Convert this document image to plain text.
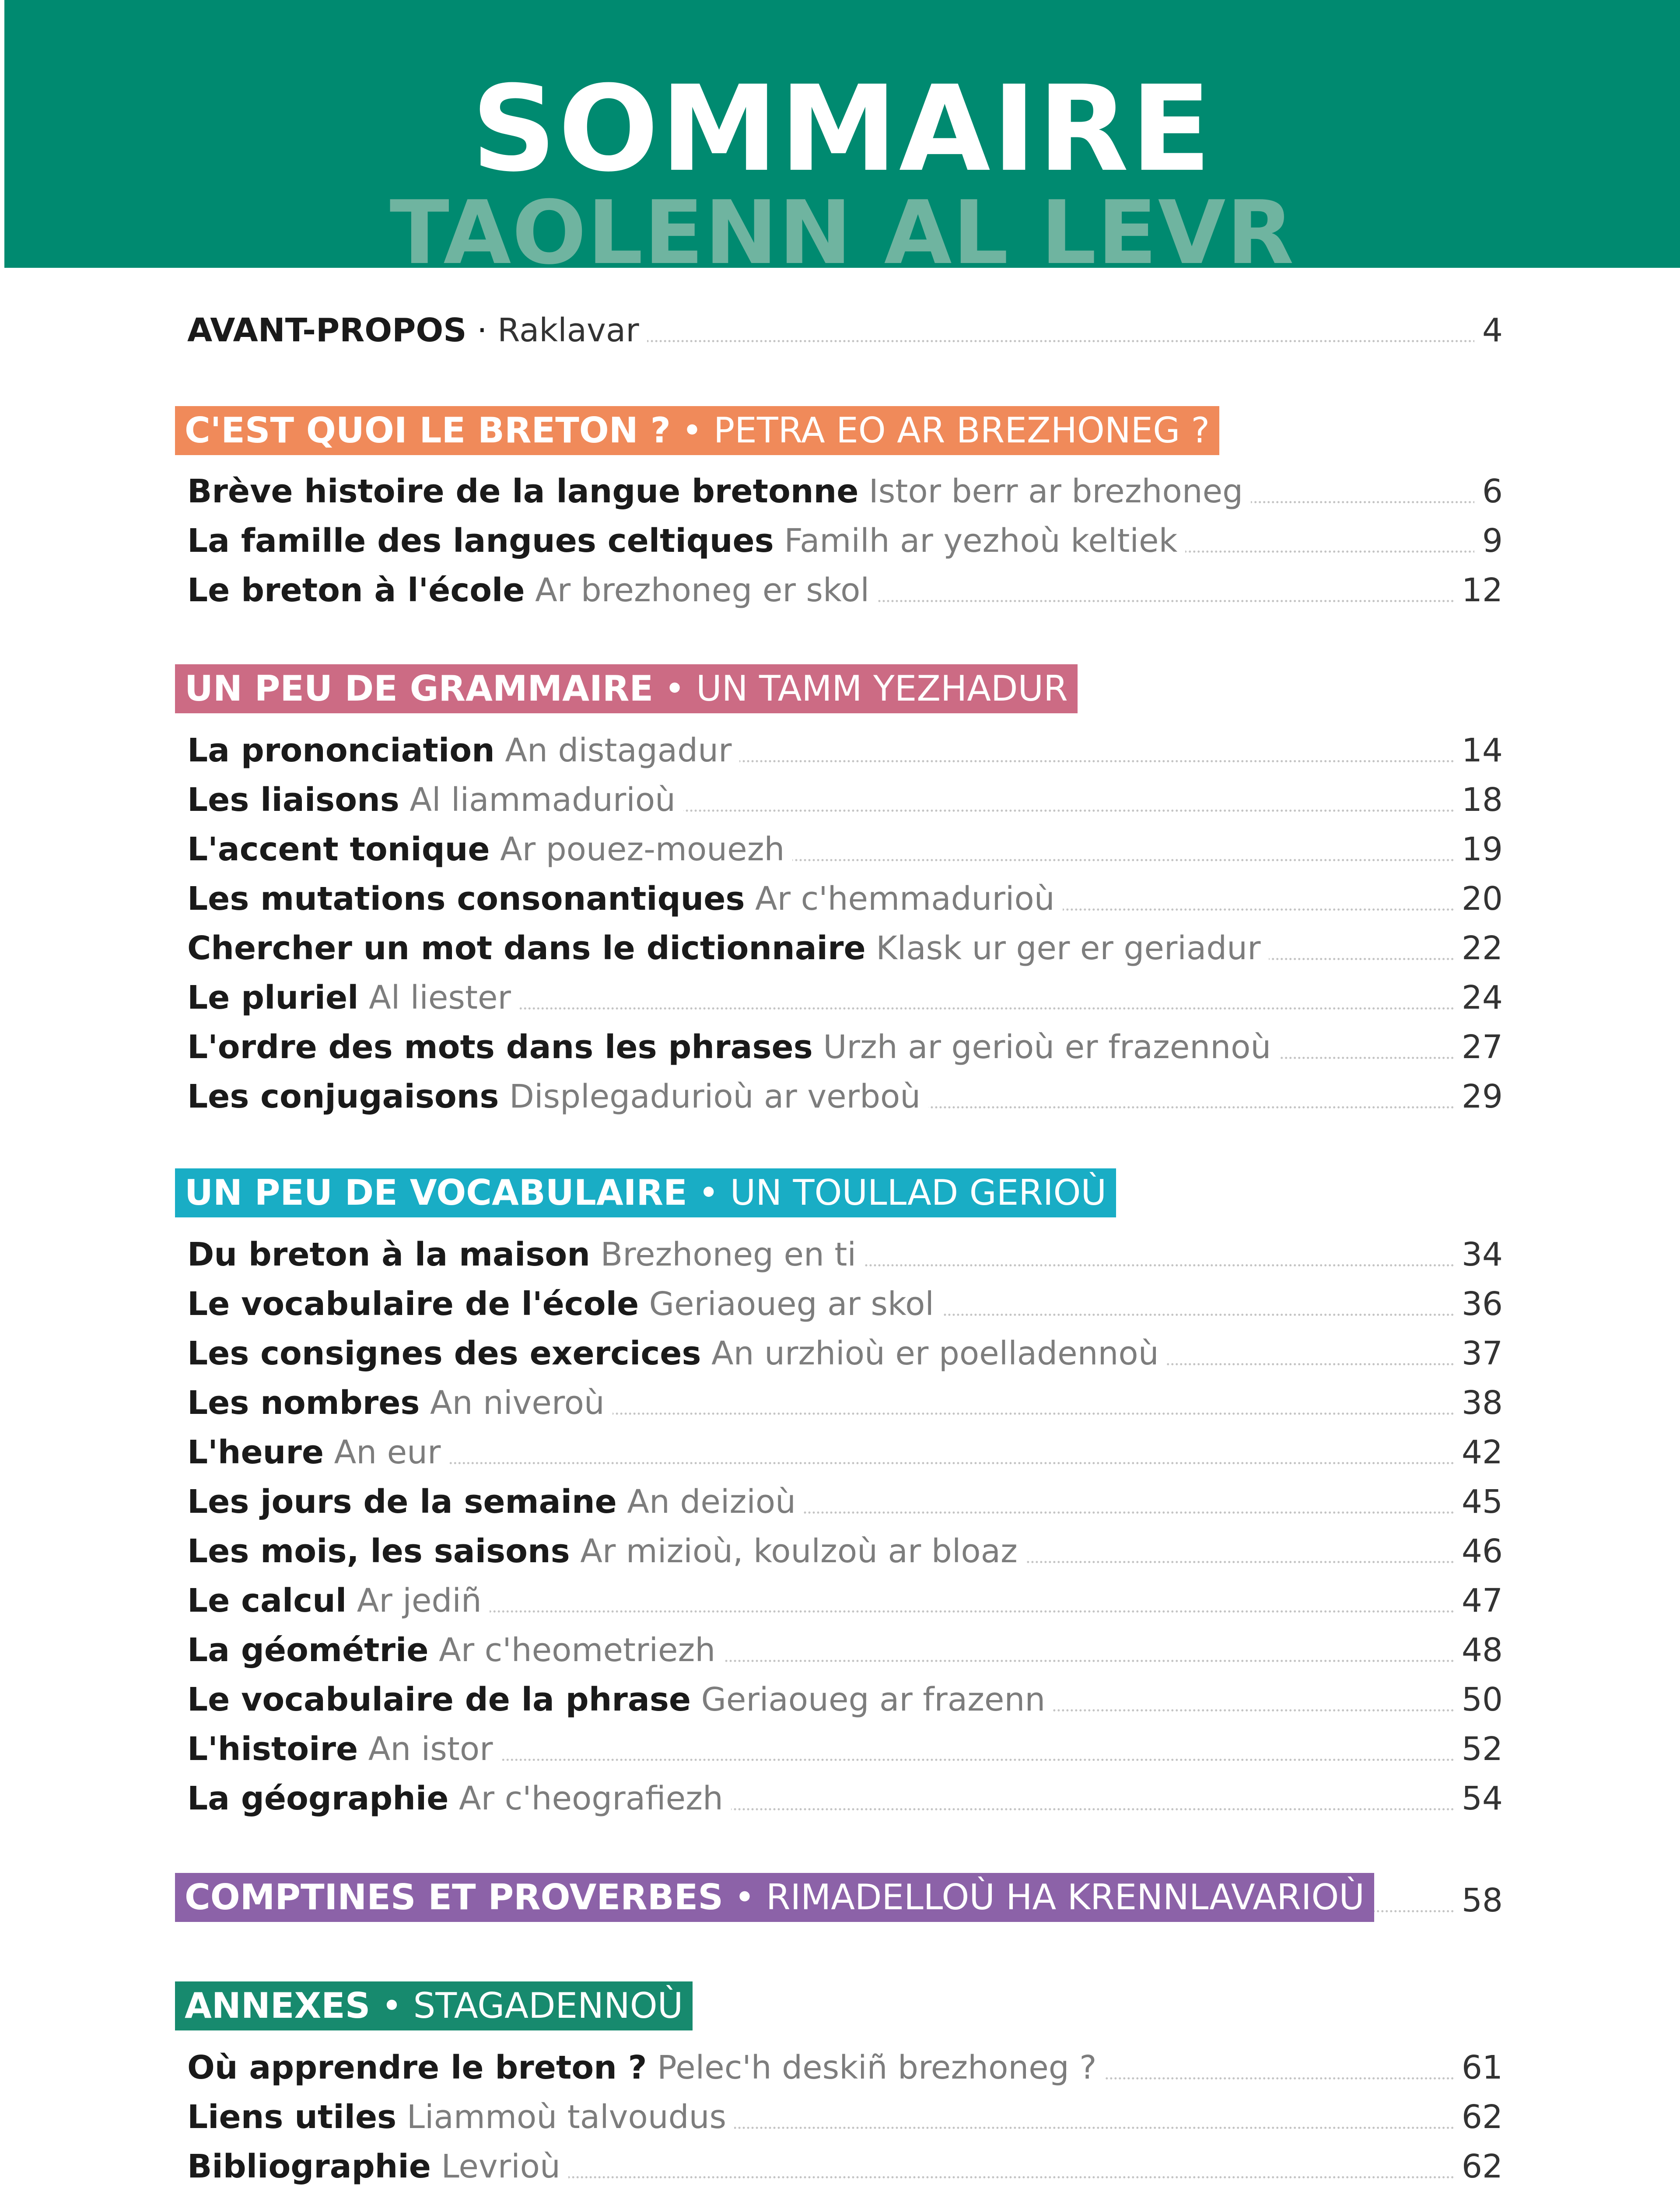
SOMMAIRE
TAOLENN AL LEVR
AVANT-PROPOS · Raklavar	4
C'EST QUOI LE BRETON ? • PETRA EO AR BREZHONEG ?
Brève histoire de la langue bretonne Istor berr ar brezhoneg	6
La famille des langues celtiques Familh ar yezhoù keltiek	9
Le breton à l'école Ar brezhoneg er skol	12
UN PEU DE GRAMMAIRE • UN TAMM YEZHADUR
La prononciation An distagadur	14
Les liaisons Al liammadurioù	18
L'accent tonique Ar pouez-mouezh	19
Les mutations consonantiques Ar c'hemmadurioù	20
Chercher un mot dans le dictionnaire Klask ur ger er geriadur	22
Le pluriel Al liester	24
L'ordre des mots dans les phrases Urzh ar gerioù er frazennoù	27
Les conjugaisons Displegadurioù ar verboù	29
UN PEU DE VOCABULAIRE • UN TOULLAD GERIOÙ
Du breton à la maison Brezhoneg en ti	34
Le vocabulaire de l'école Geriaoueg ar skol	36
Les consignes des exercices An urzhioù er poelladennoù	37
Les nombres An niveroù	38
L'heure An eur	42
Les jours de la semaine An deizioù	45
Les mois, les saisons Ar mizioù, koulzoù ar bloaz	46
Le calcul Ar jediñ	47
La géométrie Ar c'heometriezh	48
Le vocabulaire de la phrase Geriaoueg ar frazenn	50
L'histoire An istor	52
La géographie Ar c'heografiezh	54
COMPTINES ET PROVERBES • RIMADELLOÙ HA KRENNLAVARIOÙ	58
ANNEXES • STAGADENNOÙ
Où apprendre le breton ? Pelec'h deskiñ brezhoneg ?	61
Liens utiles Liammoù talvoudus	62
Bibliographie Levrioù	62
